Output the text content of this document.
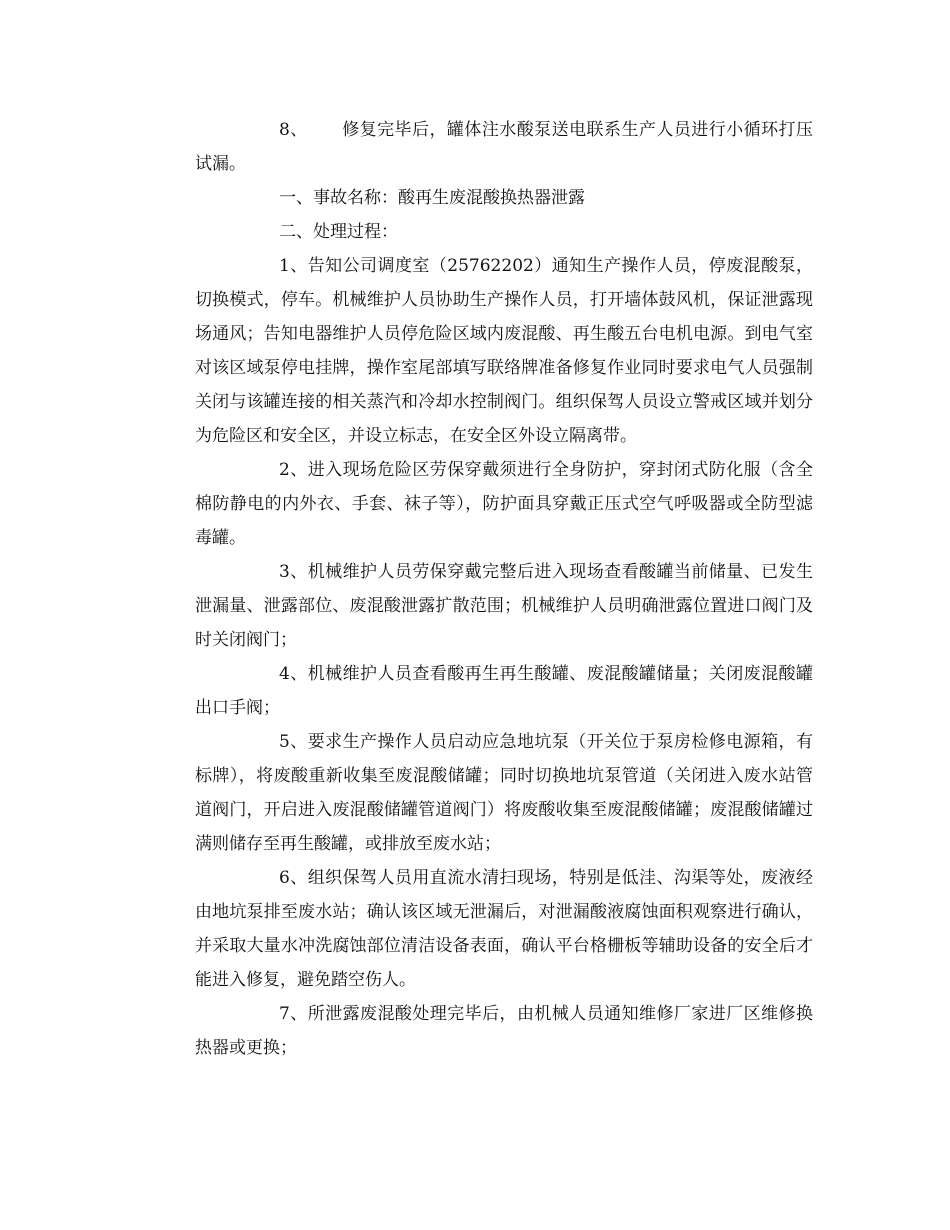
8、 修复完毕后，罐体注水酸泵送电联系生产人员进行小循环打压试漏。

一、事故名称：酸再生废混酸换热器泄露

二、处理过程：

1、告知公司调度室（25762202）通知生产操作人员，停废混酸泵，切换模式，停车。机械维护人员协助生产操作人员，打开墙体鼓风机，保证泄露现场通风；告知电器维护人员停危险区域内废混酸、再生酸五台电机电源。到电气室对该区域泵停电挂牌，操作室尾部填写联络牌准备修复作业同时要求电气人员强制关闭与该罐连接的相关蒸汽和冷却水控制阀门。组织保驾人员设立警戒区域并划分为危险区和安全区，并设立标志，在安全区外设立隔离带。

2、进入现场危险区劳保穿戴须进行全身防护，穿封闭式防化服（含全棉防静电的内外衣、手套、袜子等），防护面具穿戴正压式空气呼吸器或全防型滤毒罐。

3、机械维护人员劳保穿戴完整后进入现场查看酸罐当前储量、已发生泄漏量、泄露部位、废混酸泄露扩散范围；机械维护人员明确泄露位置进口阀门及时关闭阀门；

4、机械维护人员查看酸再生再生酸罐、废混酸罐储量；关闭废混酸罐出口手阀；

5、要求生产操作人员启动应急地坑泵（开关位于泵房检修电源箱，有标牌），将废酸重新收集至废混酸储罐；同时切换地坑泵管道（关闭进入废水站管道阀门，开启进入废混酸储罐管道阀门）将废酸收集至废混酸储罐；废混酸储罐过满则储存至再生酸罐，或排放至废水站；

6、组织保驾人员用直流水清扫现场，特别是低洼、沟渠等处，废液经由地坑泵排至废水站；确认该区域无泄漏后，对泄漏酸液腐蚀面积观察进行确认，并采取大量水冲洗腐蚀部位清洁设备表面，确认平台格栅板等辅助设备的安全后才能进入修复，避免踏空伤人。

7、所泄露废混酸处理完毕后，由机械人员通知维修厂家进厂区维修换热器或更换；
